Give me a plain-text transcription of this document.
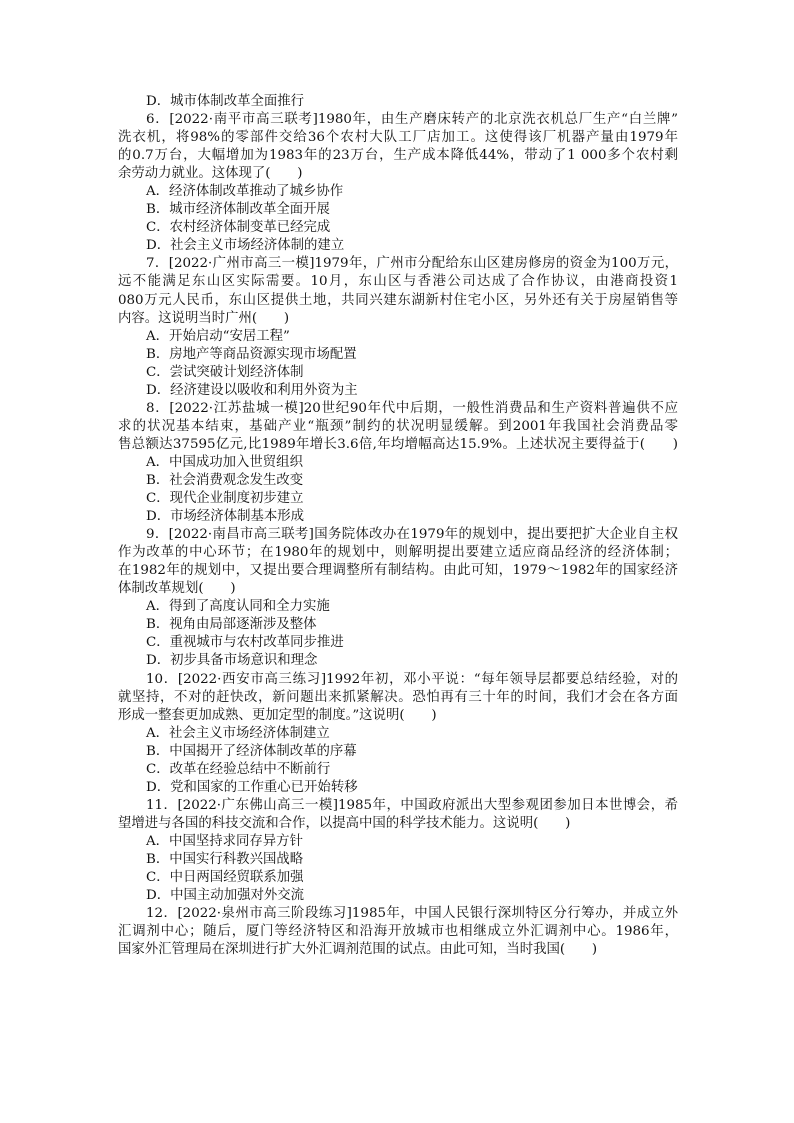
D．城市体制改革全面推行
6．[2022·南平市高三联考]1980年，由生产磨床转产的北京洗衣机总厂生产“白兰牌”
洗衣机，将98%的零部件交给36个农村大队工厂店加工。这使得该厂机器产量由1979年
的0.7万台，大幅增加为1983年的23万台，生产成本降低44%，带动了1 000多个农村剩
余劳动力就业。这体现了(　　)
A．经济体制改革推动了城乡协作
B．城市经济体制改革全面开展
C．农村经济体制变革已经完成
D．社会主义市场经济体制的建立
7．[2022·广州市高三一模]1979年，广州市分配给东山区建房修房的资金为100万元，
远不能满足东山区实际需要。10月，东山区与香港公司达成了合作协议，由港商投资1
080万元人民币，东山区提供土地，共同兴建东湖新村住宅小区，另外还有关于房屋销售等
内容。这说明当时广州(　　)
A．开始启动“安居工程”
B．房地产等商品资源实现市场配置
C．尝试突破计划经济体制
D．经济建设以吸收和利用外资为主
8．[2022·江苏盐城一模]20世纪90年代中后期，一般性消费品和生产资料普遍供不应
求的状况基本结束，基础产业“瓶颈”制约的状况明显缓解。到2001年我国社会消费品零
售总额达37595亿元,比1989年增长3.6倍,年均增幅高达15.9%。上述状况主要得益于(　　)
A．中国成功加入世贸组织
B．社会消费观念发生改变
C．现代企业制度初步建立
D．市场经济体制基本形成
9．[2022·南昌市高三联考]国务院体改办在1979年的规划中，提出要把扩大企业自主权
作为改革的中心环节；在1980年的规划中，则解明提出要建立适应商品经济的经济体制；
在1982年的规划中，又提出要合理调整所有制结构。由此可知，1979～1982年的国家经济
体制改革规划(　　)
A．得到了高度认同和全力实施
B．视角由局部逐渐涉及整体
C．重视城市与农村改革同步推进
D．初步具备市场意识和理念
10．[2022·西安市高三练习]1992年初，邓小平说：“每年领导层都要总结经验，对的
就坚持，不对的赶快改，新问题出来抓紧解决。恐怕再有三十年的时间，我们才会在各方面
形成一整套更加成熟、更加定型的制度。”这说明(　　)
A．社会主义市场经济体制建立
B．中国揭开了经济体制改革的序幕
C．改革在经验总结中不断前行
D．党和国家的工作重心已开始转移
11．[2022·广东佛山高三一模]1985年，中国政府派出大型参观团参加日本世博会，希
望增进与各国的科技交流和合作，以提高中国的科学技术能力。这说明(　　)
A．中国坚持求同存异方针
B．中国实行科教兴国战略
C．中日两国经贸联系加强
D．中国主动加强对外交流
12．[2022·泉州市高三阶段练习]1985年，中国人民银行深圳特区分行筹办，并成立外
汇调剂中心；随后，厦门等经济特区和沿海开放城市也相继成立外汇调剂中心。1986年，
国家外汇管理局在深圳进行扩大外汇调剂范围的试点。由此可知，当时我国(　　)
